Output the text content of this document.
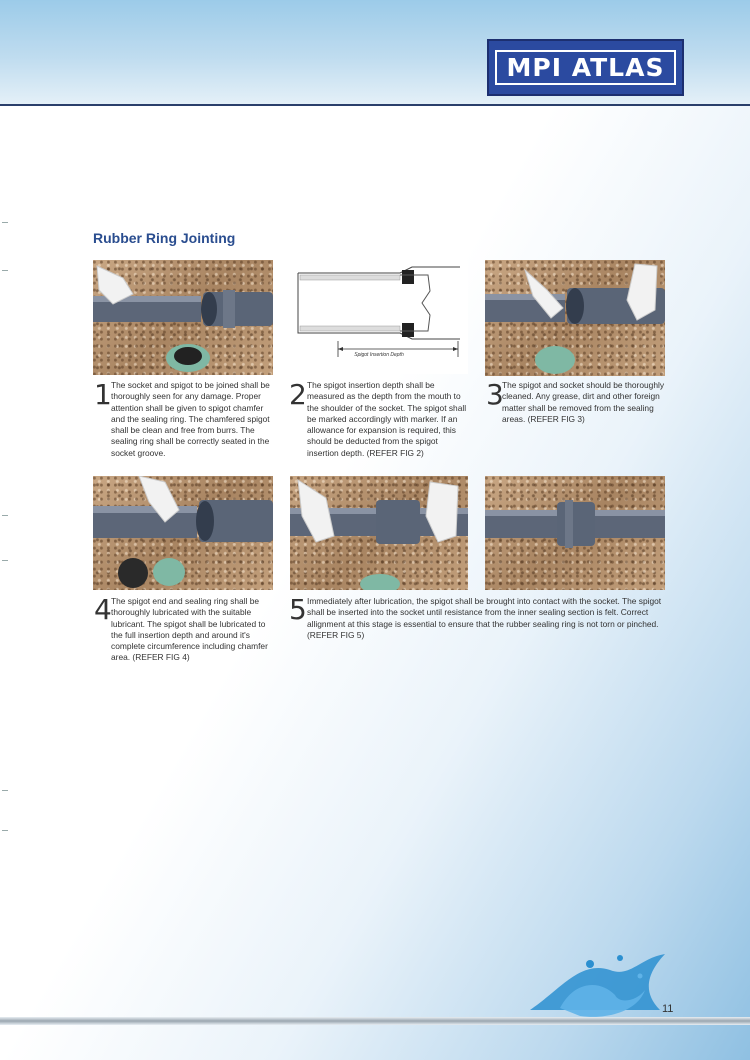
MPI ATLAS
Rubber Ring Jointing
Spigot Insertion Depth
1 The socket and spigot to be joined shall be thoroughly seen for any damage. Proper attention shall be given to spigot chamfer and the sealing ring. The chamfered spigot shall be clean and free from burrs. The sealing ring shall be correctly seated in the socket groove.
2 The spigot insertion depth shall be measured as the depth from the mouth to the shoulder of the socket. The spigot shall be marked accordingly with marker. If an allowance for expansion is required, this should be deducted from the spigot insertion depth. (REFER FIG 2)
3
The spigot and socket should be thoroughly cleaned. Any grease, dirt and other foreign matter shall be removed from the sealing areas. (REFER FIG 3)
4 The spigot end and sealing ring shall be thoroughly lubricated with the suitable lubricant. The spigot shall be lubricated to the full insertion depth and around it's complete circumference including chamfer area. (REFER FIG 4)
5 Immediately after lubrication, the spigot shall be brought into contact with the socket. The spigot shall be inserted into the socket until resistance from the inner sealing section is felt. Correct allignment at this stage is essential to ensure that the rubber sealing ring is not torn or pinched. (REFER FIG 5)
11
